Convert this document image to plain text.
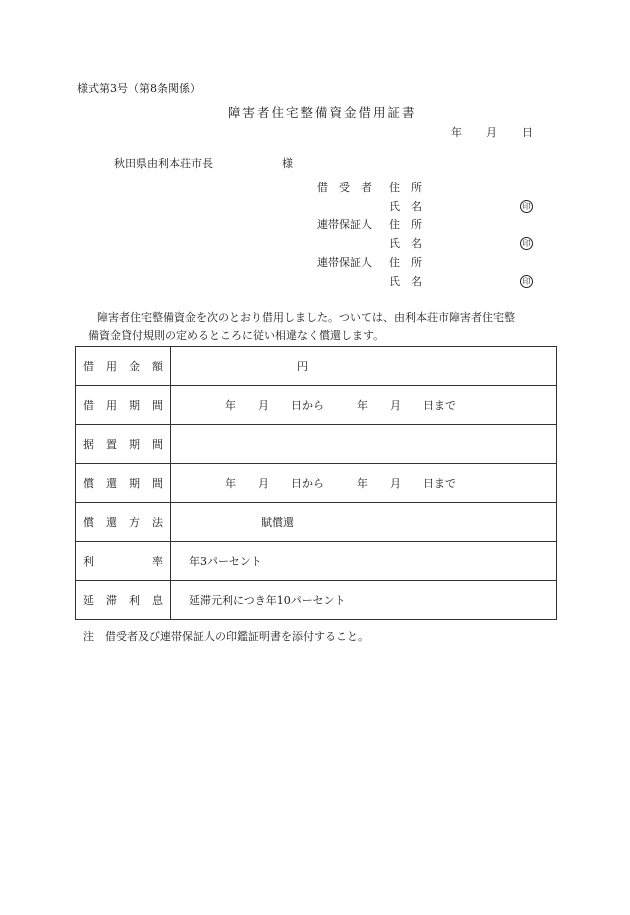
様式第3号（第8条関係）
障害者住宅整備資金借用証書
年 月 日
秋田県由利本荘市長	様
借　受　者 住　所
氏　名	印
連帯保証人 住　所
氏　名	印
連帯保証人 住　所
氏　名	印
障害者住宅整備資金を次のとおり借用しました。ついては、由利本荘市障害者住宅整
備資金貸付規則の定めるところに従い相違なく償還します。
借 用 金 額	円

借 用 期 間	年　　月　　日から　　　年　　月　　日まで

据 置 期 間	

償 還 期 間	年　　月　　日から　　　年　　月　　日まで

償 還 方 法	賦償還

利 率	年3パーセント

延 滞 利 息	延滞元利につき年10パーセント
注　借受者及び連帯保証人の印鑑証明書を添付すること。
